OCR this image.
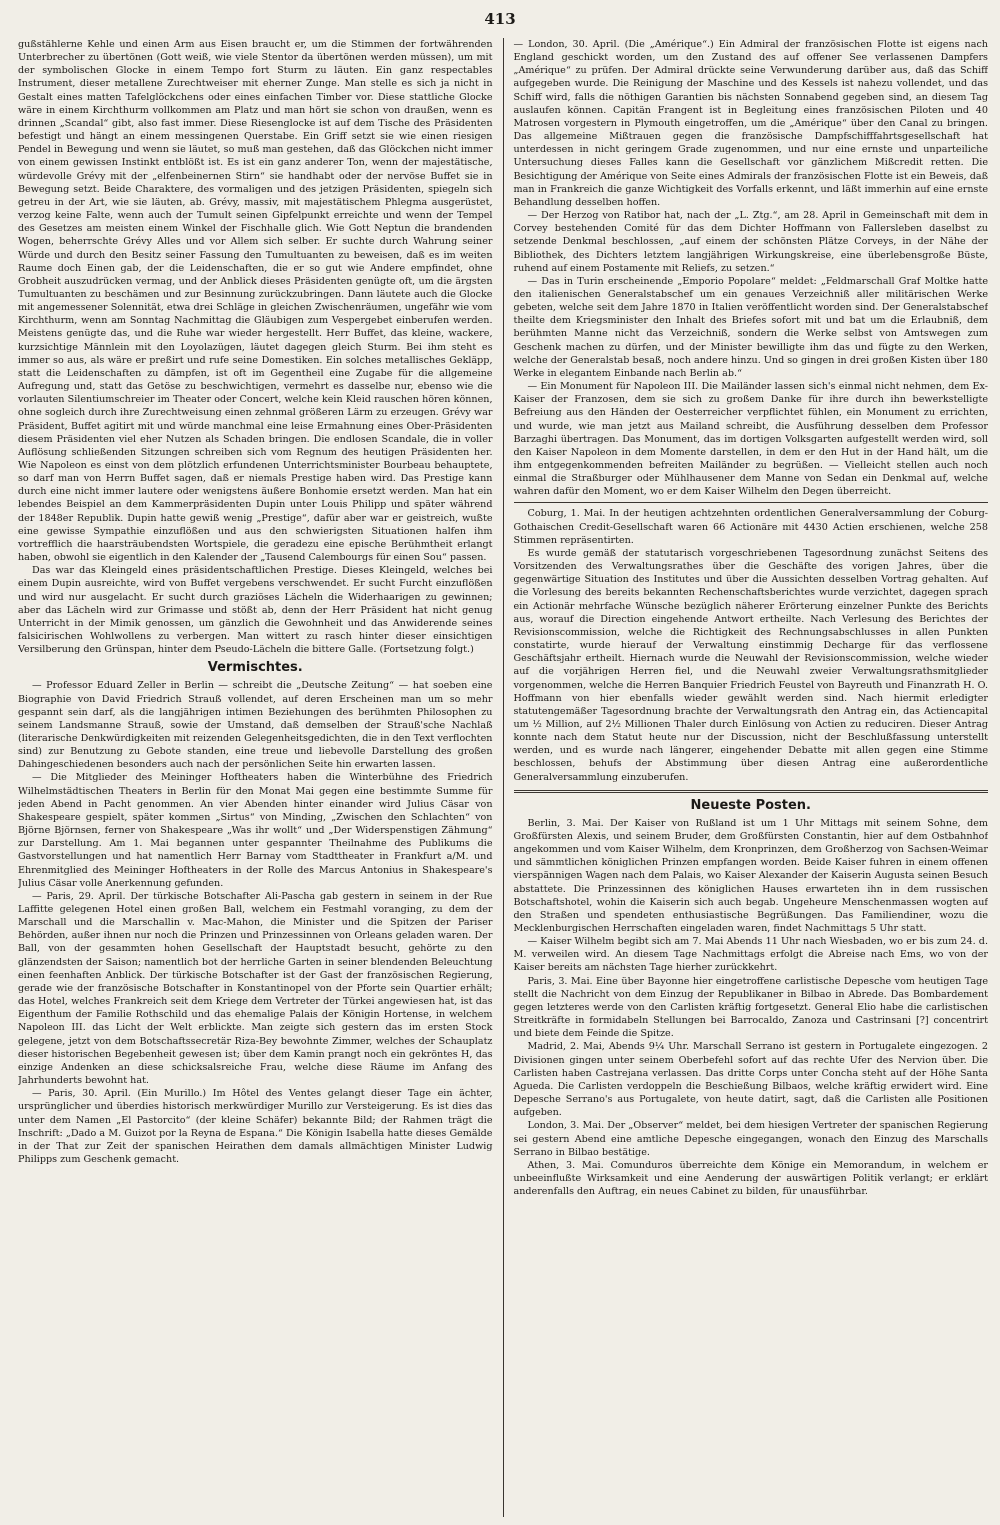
413

gußstählerne Kehle und einen Arm aus Eisen braucht er, um die Stimmen der fortwährenden Unterbrecher zu übertönen (Gott weiß, wie viele Stentor da übertönen werden müssen), um mit der symbolischen Glocke in einem Tempo fort Sturm zu läuten. Ein ganz respectables Instrument, dieser metallene Zurechtweiser mit eherner Zunge. Man stelle es sich ja nicht in Gestalt eines matten Tafelglöckchens oder eines einfachen Timber vor. Diese stattliche Glocke wäre in einem Kirchthurm vollkommen am Platz und man hört sie schon von draußen, wenn es drinnen „Scandal“ gibt, also fast immer. Diese Riesenglocke ist auf dem Tische des Präsidenten befestigt und hängt an einem messingenen Querstabe. Ein Griff setzt sie wie einen riesigen Pendel in Bewegung und wenn sie läutet, so muß man gestehen, daß das Glöckchen nicht immer von einem gewissen Instinkt entblößt ist. Es ist ein ganz anderer Ton, wenn der majestätische, würdevolle Grévy mit der „elfenbeinernen Stirn“ sie handhabt oder der nervöse Buffet sie in Bewegung setzt. Beide Charaktere, des vormaligen und des jetzigen Präsidenten, spiegeln sich getreu in der Art, wie sie läuten, ab. Grévy, massiv, mit majestätischem Phlegma ausgerüstet, verzog keine Falte, wenn auch der Tumult seinen Gipfelpunkt erreichte und wenn der Tempel des Gesetzes am meisten einem Winkel der Fischhalle glich. Wie Gott Neptun die brandenden Wogen, beherrschte Grévy Alles und vor Allem sich selber. Er suchte durch Wahrung seiner Würde und durch den Besitz seiner Fassung den Tumultuanten zu beweisen, daß es im weiten Raume doch Einen gab, der die Leidenschaften, die er so gut wie Andere empfindet, ohne Grobheit auszudrücken vermag, und der Anblick dieses Präsidenten genügte oft, um die ärgsten Tumultuanten zu beschämen und zur Besinnung zurückzubringen. Dann läutete auch die Glocke mit angemessener Solennität, etwa drei Schläge in gleichen Zwischenräumen, ungefähr wie vom Kirchthurm, wenn am Sonntag Nachmittag die Gläubigen zum Vespergebet einberufen werden. Meistens genügte das, und die Ruhe war wieder hergestellt. Herr Buffet, das kleine, wackere, kurzsichtige Männlein mit den Loyolazügen, läutet dagegen gleich Sturm. Bei ihm steht es immer so aus, als wäre er preßirt und rufe seine Domestiken. Ein solches metallisches Gekläpp, statt die Leidenschaften zu dämpfen, ist oft im Gegentheil eine Zugabe für die allgemeine Aufregung und, statt das Getöse zu beschwichtigen, vermehrt es dasselbe nur, ebenso wie die vorlauten Silentiumschreier im Theater oder Concert, welche kein Kleid rauschen hören können, ohne sogleich durch ihre Zurechtweisung einen zehnmal größeren Lärm zu erzeugen. Grévy war Präsident, Buffet agitirt mit und würde manchmal eine leise Ermahnung eines Ober-Präsidenten diesem Präsidenten viel eher Nutzen als Schaden bringen. Die endlosen Scandale, die in voller Auflösung schließenden Sitzungen schreiben sich vom Regnum des heutigen Präsidenten her. Wie Napoleon es einst von dem plötzlich erfundenen Unterrichtsminister Bourbeau behauptete, so darf man von Herrn Buffet sagen, daß er niemals Prestige haben wird. Das Prestige kann durch eine nicht immer lautere oder wenigstens äußere Bonhomie ersetzt werden. Man hat ein lebendes Beispiel an dem Kammerpräsidenten Dupin unter Louis Philipp und später während der 1848er Republik. Dupin hatte gewiß wenig „Prestige“, dafür aber war er geistreich, wußte eine gewisse Sympathie einzuflößen und aus den schwierigsten Situationen halfen ihm vortrefflich die haarsträubendsten Wortspiele, die geradezu eine epische Berühmtheit erlangt haben, obwohl sie eigentlich in den Kalender der „Tausend Calembourgs für einen Sou“ passen.

Das war das Kleingeld eines präsidentschaftlichen Prestige. Dieses Kleingeld, welches bei einem Dupin ausreichte, wird von Buffet vergebens verschwendet. Er sucht Furcht einzuflößen und wird nur ausgelacht. Er sucht durch graziöses Lächeln die Widerhaarigen zu gewinnen; aber das Lächeln wird zur Grimasse und stößt ab, denn der Herr Präsident hat nicht genug Unterricht in der Mimik genossen, um gänzlich die Gewohnheit und das Anwiderende seines falsicirischen Wohlwollens zu verbergen. Man wittert zu rasch hinter dieser einsichtigen Versilberung den Grünspan, hinter dem Pseudo-Lächeln die bittere Galle. (Fortsetzung folgt.)

Vermischtes.

— Professor Eduard Zeller in Berlin — schreibt die „Deutsche Zeitung“ — hat soeben eine Biographie von David Friedrich Strauß vollendet, auf deren Erscheinen man um so mehr gespannt sein darf, als die langjährigen intimen Beziehungen des berühmten Philosophen zu seinem Landsmanne Strauß, sowie der Umstand, daß demselben der Strauß'sche Nachlaß (literarische Denkwürdigkeiten mit reizenden Gelegenheitsgedichten, die in den Text verflochten sind) zur Benutzung zu Gebote standen, eine treue und liebevolle Darstellung des großen Dahingeschiedenen besonders auch nach der persönlichen Seite hin erwarten lassen.

— Die Mitglieder des Meininger Hoftheaters haben die Winterbühne des Friedrich Wilhelmstädtischen Theaters in Berlin für den Monat Mai gegen eine bestimmte Summe für jeden Abend in Pacht genommen. An vier Abenden hinter einander wird Julius Cäsar von Shakespeare gespielt, später kommen „Sirtus“ von Minding, „Zwischen den Schlachten“ von Björne Björnsen, ferner von Shakespeare „Was ihr wollt“ und „Der Widerspenstigen Zähmung“ zur Darstellung. Am 1. Mai begannen unter gespannter Theilnahme des Publikums die Gastvorstellungen und hat namentlich Herr Barnay vom Stadttheater in Frankfurt a/M. und Ehrenmitglied des Meininger Hoftheaters in der Rolle des Marcus Antonius in Shakespeare's Julius Cäsar volle Anerkennung gefunden.

— Paris, 29. April. Der türkische Botschafter Ali-Pascha gab gestern in seinem in der Rue Laffitte gelegenen Hotel einen großen Ball, welchem ein Festmahl voranging, zu dem der Marschall und die Marschallin v. Mac-Mahon, die Minister und die Spitzen der Pariser Behörden, außer ihnen nur noch die Prinzen und Prinzessinnen von Orleans geladen waren. Der Ball, von der gesammten hohen Gesellschaft der Hauptstadt besucht, gehörte zu den glänzendsten der Saison; namentlich bot der herrliche Garten in seiner blendenden Beleuchtung einen feenhaften Anblick. Der türkische Botschafter ist der Gast der französischen Regierung, gerade wie der französische Botschafter in Konstantinopel von der Pforte sein Quartier erhält; das Hotel, welches Frankreich seit dem Kriege dem Vertreter der Türkei angewiesen hat, ist das Eigenthum der Familie Rothschild und das ehemalige Palais der Königin Hortense, in welchem Napoleon III. das Licht der Welt erblickte. Man zeigte sich gestern das im ersten Stock gelegene, jetzt von dem Botschaftssecretär Riza-Bey bewohnte Zimmer, welches der Schauplatz dieser historischen Begebenheit gewesen ist; über dem Kamin prangt noch ein gekröntes H, das einzige Andenken an diese schicksalsreiche Frau, welche diese Räume im Anfang des Jahrhunderts bewohnt hat.

— Paris, 30. April. (Ein Murillo.) Im Hôtel des Ventes gelangt dieser Tage ein ächter, ursprünglicher und überdies historisch merkwürdiger Murillo zur Versteigerung. Es ist dies das unter dem Namen „El Pastorcito“ (der kleine Schäfer) bekannte Bild; der Rahmen trägt die Inschrift: „Dado a M. Guizot por la Reyna de Espana.“ Die Königin Isabella hatte dieses Gemälde in der That zur Zeit der spanischen Heirathen dem damals allmächtigen Minister Ludwig Philipps zum Geschenk gemacht.

— London, 30. April. (Die „Amérique“.) Ein Admiral der französischen Flotte ist eigens nach England geschickt worden, um den Zustand des auf offener See verlassenen Dampfers „Amérique“ zu prüfen. Der Admiral drückte seine Verwunderung darüber aus, daß das Schiff aufgegeben wurde. Die Reinigung der Maschine und des Kessels ist nahezu vollendet, und das Schiff wird, falls die nöthigen Garantien bis nächsten Sonnabend gegeben sind, an diesem Tag auslaufen können. Capitän Frangent ist in Begleitung eines französischen Piloten und 40 Matrosen vorgestern in Plymouth eingetroffen, um die „Amérique“ über den Canal zu bringen. Das allgemeine Mißtrauen gegen die französische Dampfschifffahrtsgesellschaft hat unterdessen in nicht geringem Grade zugenommen, und nur eine ernste und unparteiliche Untersuchung dieses Falles kann die Gesellschaft vor gänzlichem Mißcredit retten. Die Besichtigung der Amérique von Seite eines Admirals der französischen Flotte ist ein Beweis, daß man in Frankreich die ganze Wichtigkeit des Vorfalls erkennt, und läßt immerhin auf eine ernste Behandlung desselben hoffen.

— Der Herzog von Ratibor hat, nach der „L. Ztg.“, am 28. April in Gemeinschaft mit dem in Corvey bestehenden Comité für das dem Dichter Hoffmann von Fallersleben daselbst zu setzende Denkmal beschlossen, „auf einem der schönsten Plätze Corveys, in der Nähe der Bibliothek, des Dichters letztem langjährigen Wirkungskreise, eine überlebensgroße Büste, ruhend auf einem Postamente mit Reliefs, zu setzen.“

— Das in Turin erscheinende „Emporio Popolare“ meldet: „Feldmarschall Graf Moltke hatte den italienischen Generalstabschef um ein genaues Verzeichniß aller militärischen Werke gebeten, welche seit dem Jahre 1870 in Italien veröffentlicht worden sind. Der Generalstabschef theilte dem Kriegsminister den Inhalt des Briefes sofort mit und bat um die Erlaubniß, dem berühmten Manne nicht das Verzeichniß, sondern die Werke selbst von Amtswegen zum Geschenk machen zu dürfen, und der Minister bewilligte ihm das und fügte zu den Werken, welche der Generalstab besaß, noch andere hinzu. Und so gingen in drei großen Kisten über 180 Werke in elegantem Einbande nach Berlin ab.“

— Ein Monument für Napoleon III. Die Mailänder lassen sich's einmal nicht nehmen, dem Ex-Kaiser der Franzosen, dem sie sich zu großem Danke für ihre durch ihn bewerkstelligte Befreiung aus den Händen der Oesterreicher verpflichtet fühlen, ein Monument zu errichten, und wurde, wie man jetzt aus Mailand schreibt, die Ausführung desselben dem Professor Barzaghi übertragen. Das Monument, das im dortigen Volksgarten aufgestellt werden wird, soll den Kaiser Napoleon in dem Momente darstellen, in dem er den Hut in der Hand hält, um die ihm entgegenkommenden befreiten Mailänder zu begrüßen. — Vielleicht stellen auch noch einmal die Straßburger oder Mühlhausener dem Manne von Sedan ein Denkmal auf, welche wahren dafür den Moment, wo er dem Kaiser Wilhelm den Degen überreicht.

Coburg, 1. Mai. In der heutigen achtzehnten ordentlichen Generalversammlung der Coburg-Gothaischen Credit-Gesellschaft waren 66 Actionäre mit 4430 Actien erschienen, welche 258 Stimmen repräsentirten.

Es wurde gemäß der statutarisch vorgeschriebenen Tagesordnung zunächst Seitens des Vorsitzenden des Verwaltungsrathes über die Geschäfte des vorigen Jahres, über die gegenwärtige Situation des Institutes und über die Aussichten desselben Vortrag gehalten. Auf die Vorlesung des bereits bekannten Rechenschaftsberichtes wurde verzichtet, dagegen sprach ein Actionär mehrfache Wünsche bezüglich näherer Erörterung einzelner Punkte des Berichts aus, worauf die Direction eingehende Antwort ertheilte. Nach Verlesung des Berichtes der Revisionscommission, welche die Richtigkeit des Rechnungsabschlusses in allen Punkten constatirte, wurde hierauf der Verwaltung einstimmig Decharge für das verflossene Geschäftsjahr ertheilt. Hiernach wurde die Neuwahl der Revisionscommission, welche wieder auf die vorjährigen Herren fiel, und die Neuwahl zweier Verwaltungsrathsmitglieder vorgenommen, welche die Herren Banquier Friedrich Feustel von Bayreuth und Finanzrath H. O. Hoffmann von hier ebenfalls wieder gewählt werden sind. Nach hiermit erledigter statutengemäßer Tagesordnung brachte der Verwaltungsrath den Antrag ein, das Actiencapital um ½ Million, auf 2½ Millionen Thaler durch Einlösung von Actien zu reduciren. Dieser Antrag konnte nach dem Statut heute nur der Discussion, nicht der Beschlußfassung unterstellt werden, und es wurde nach längerer, eingehender Debatte mit allen gegen eine Stimme beschlossen, behufs der Abstimmung über diesen Antrag eine außerordentliche Generalversammlung einzuberufen.

Neueste Posten.

Berlin, 3. Mai. Der Kaiser von Rußland ist um 1 Uhr Mittags mit seinem Sohne, dem Großfürsten Alexis, und seinem Bruder, dem Großfürsten Constantin, hier auf dem Ostbahnhof angekommen und vom Kaiser Wilhelm, dem Kronprinzen, dem Großherzog von Sachsen-Weimar und sämmtlichen königlichen Prinzen empfangen worden. Beide Kaiser fuhren in einem offenen vierspännigen Wagen nach dem Palais, wo Kaiser Alexander der Kaiserin Augusta seinen Besuch abstattete. Die Prinzessinnen des königlichen Hauses erwarteten ihn in dem russischen Botschaftshotel, wohin die Kaiserin sich auch begab. Ungeheure Menschenmassen wogten auf den Straßen und spendeten enthusiastische Begrüßungen. Das Familiendiner, wozu die Mecklenburgischen Herrschaften eingeladen waren, findet Nachmittags 5 Uhr statt.

— Kaiser Wilhelm begibt sich am 7. Mai Abends 11 Uhr nach Wiesbaden, wo er bis zum 24. d. M. verweilen wird. An diesem Tage Nachmittags erfolgt die Abreise nach Ems, wo von der Kaiser bereits am nächsten Tage hierher zurückkehrt.

Paris, 3. Mai. Eine über Bayonne hier eingetroffene carlistische Depesche vom heutigen Tage stellt die Nachricht von dem Einzug der Republikaner in Bilbao in Abrede. Das Bombardement gegen letzteres werde von den Carlisten kräftig fortgesetzt. General Elio habe die carlistischen Streitkräfte in formidabeln Stellungen bei Barrocaldo, Zanoza und Castrinsani [?] concentrirt und biete dem Feinde die Spitze.

Madrid, 2. Mai, Abends 9¼ Uhr. Marschall Serrano ist gestern in Portugalete eingezogen. 2 Divisionen gingen unter seinem Oberbefehl sofort auf das rechte Ufer des Nervion über. Die Carlisten haben Castrejana verlassen. Das dritte Corps unter Concha steht auf der Höhe Santa Agueda. Die Carlisten verdoppeln die Beschießung Bilbaos, welche kräftig erwidert wird. Eine Depesche Serrano's aus Portugalete, von heute datirt, sagt, daß die Carlisten alle Positionen aufgeben.

London, 3. Mai. Der „Observer“ meldet, bei dem hiesigen Vertreter der spanischen Regierung sei gestern Abend eine amtliche Depesche eingegangen, wonach den Einzug des Marschalls Serrano in Bilbao bestätige.

Athen, 3. Mai. Comunduros überreichte dem Könige ein Memorandum, in welchem er unbeeinflußte Wirksamkeit und eine Aenderung der auswärtigen Politik verlangt; er erklärt anderenfalls den Auftrag, ein neues Cabinet zu bilden, für unausführbar.
